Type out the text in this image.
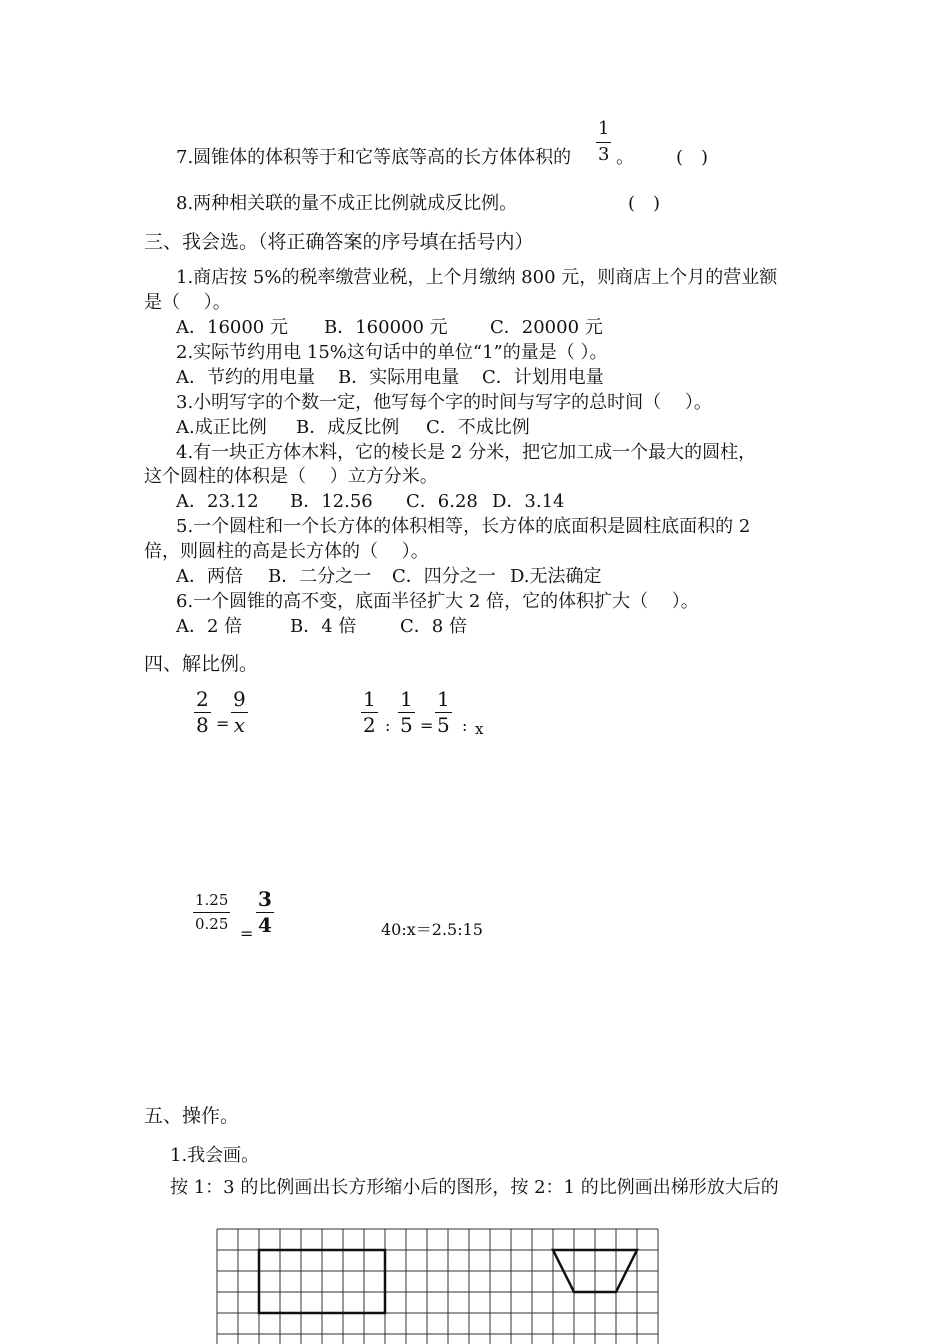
7.圆锥体的体积等于和它等底等高的长方体体积的 $\frac{1}{3}$ 。 (　)
8.两种相关联的量不成正比例就成反比例。	(　)
三、我会选。（将正确答案的序号填在括号内）
1.商店按 5%的税率缴营业税，上个月缴纳 800 元，则商店上个月的营业额
是（　 ）。
A．16000 元 B．160000 元 C．20000 元
2.实际节约用电 15%这句话中的单位“1”的量是（ ）。
A．节约的用电量 B．实际用电量 C．计划用电量
3.小明写字的个数一定，他写每个字的时间与写字的总时间（　 ）。
A.成正比例 B．成反比例 C．不成比例
4.有一块正方体木料，它的棱长是 2 分米，把它加工成一个最大的圆柱，
这个圆柱的体积是（　 ）立方分米。
A．23.12 B．12.56 C．6.28 D．3.14
5.一个圆柱和一个长方体的体积相等，长方体的底面积是圆柱底面积的 2
倍，则圆柱的高是长方体的（　 ）。
A．两倍 B．二分之一 C．四分之一 D.无法确定
6.一个圆锥的高不变，底面半径扩大 2 倍，它的体积扩大（　 ）。
A．2 倍	B．4 倍 C．8 倍
四、解比例。
$\frac{2}{8} = \frac{9}{x}$	$\frac{1}{2}$ : $\frac{1}{5} = \frac{1}{5}$ : x
$\frac{1.25}{0.25} = \frac{3}{4}$	40:x＝2.5:15
五、操作。
1.我会画。
按 1：3 的比例画出长方形缩小后的图形，按 2：1 的比例画出梯形放大后的
